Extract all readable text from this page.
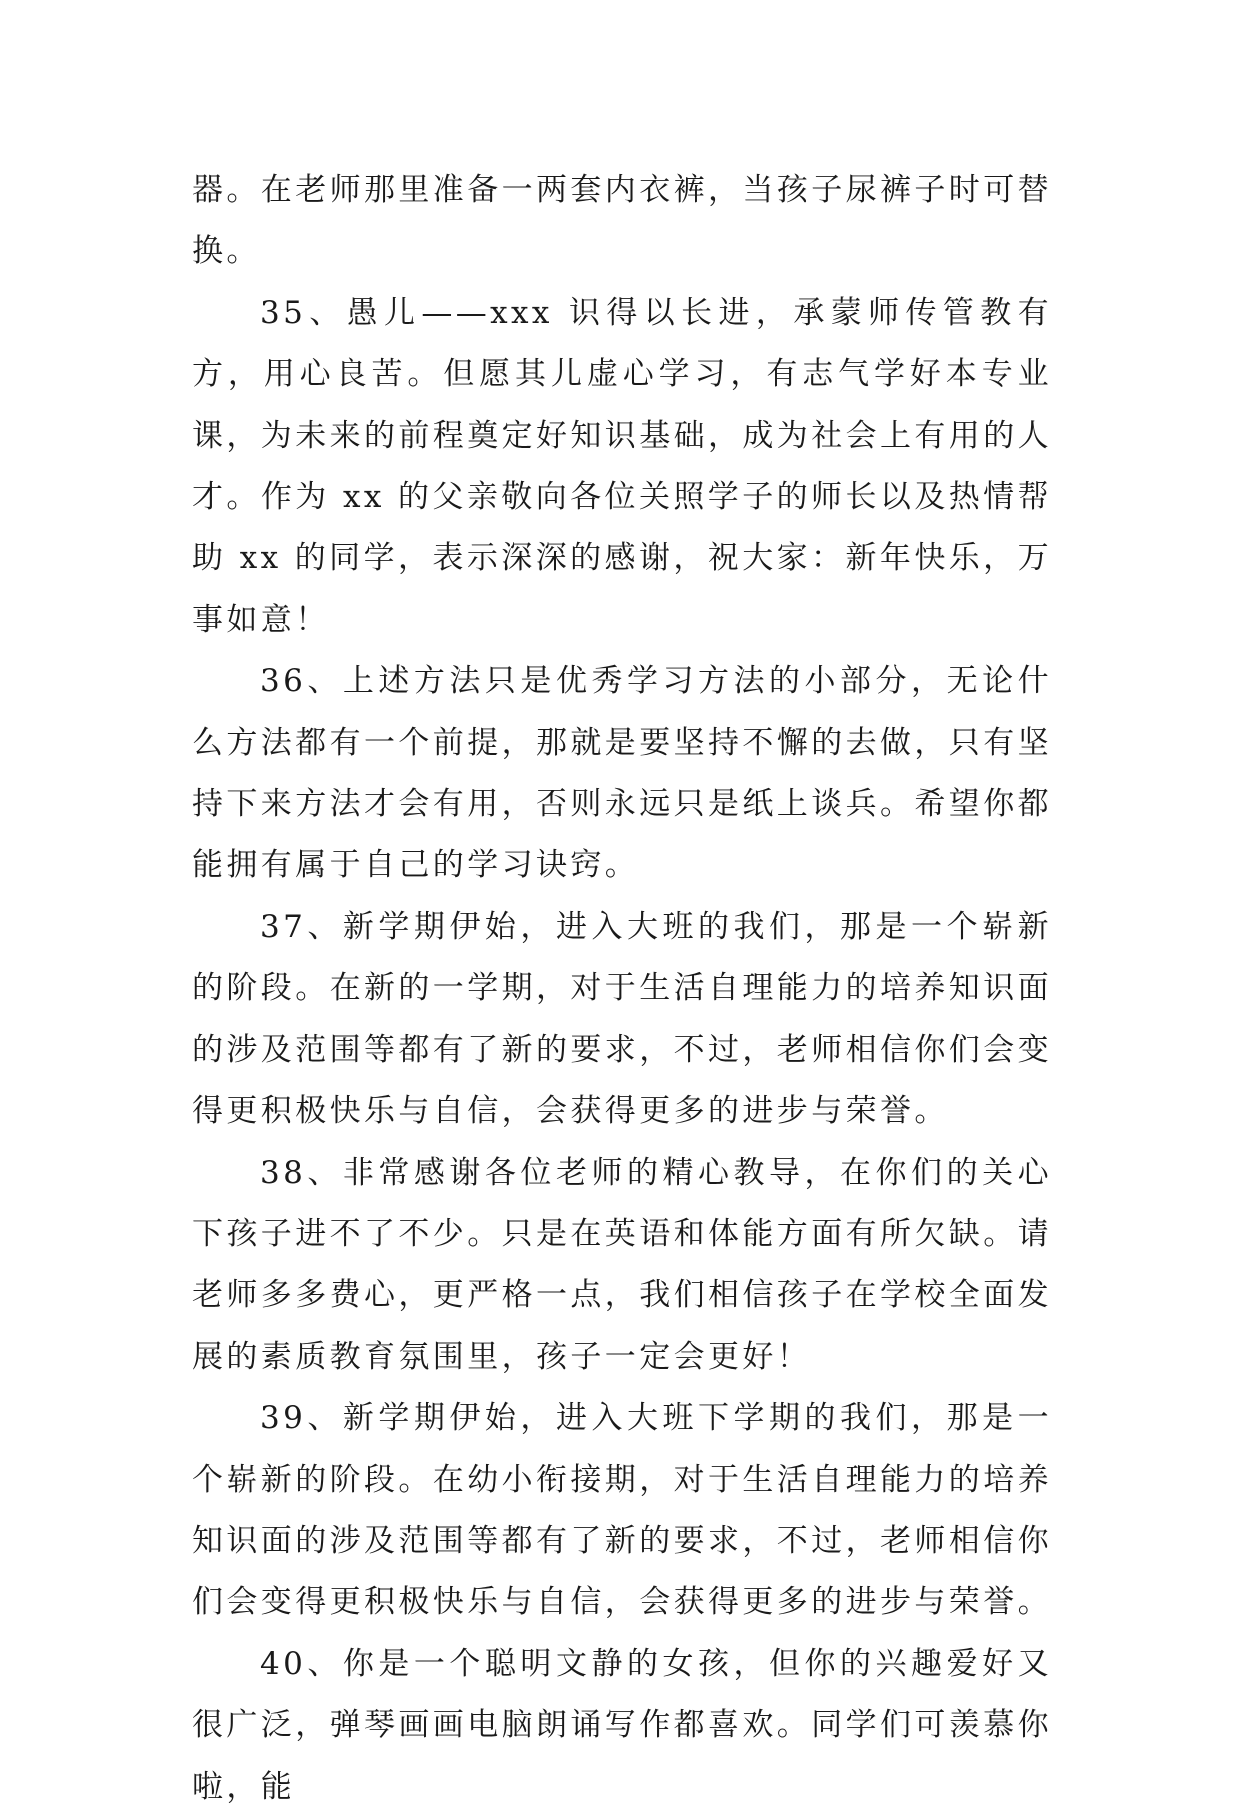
器。在老师那里准备一两套内衣裤，当孩子尿裤子时可替换。

35、愚儿——xxx 识得以长进，承蒙师传管教有方，用心良苦。但愿其儿虚心学习，有志气学好本专业课，为未来的前程奠定好知识基础，成为社会上有用的人才。作为 xx 的父亲敬向各位关照学子的师长以及热情帮助 xx 的同学，表示深深的感谢，祝大家：新年快乐，万事如意！

36、上述方法只是优秀学习方法的小部分，无论什么方法都有一个前提，那就是要坚持不懈的去做，只有坚持下来方法才会有用，否则永远只是纸上谈兵。希望你都能拥有属于自己的学习诀窍。

37、新学期伊始，进入大班的我们，那是一个崭新的阶段。在新的一学期，对于生活自理能力的培养知识面的涉及范围等都有了新的要求，不过，老师相信你们会变得更积极快乐与自信，会获得更多的进步与荣誉。

38、非常感谢各位老师的精心教导，在你们的关心下孩子进不了不少。只是在英语和体能方面有所欠缺。请老师多多费心，更严格一点，我们相信孩子在学校全面发展的素质教育氛围里，孩子一定会更好！

39、新学期伊始，进入大班下学期的我们，那是一个崭新的阶段。在幼小衔接期，对于生活自理能力的培养知识面的涉及范围等都有了新的要求，不过，老师相信你们会变得更积极快乐与自信，会获得更多的进步与荣誉。

40、你是一个聪明文静的女孩，但你的兴趣爱好又很广泛，弹琴画画电脑朗诵写作都喜欢。同学们可羡慕你啦，能
